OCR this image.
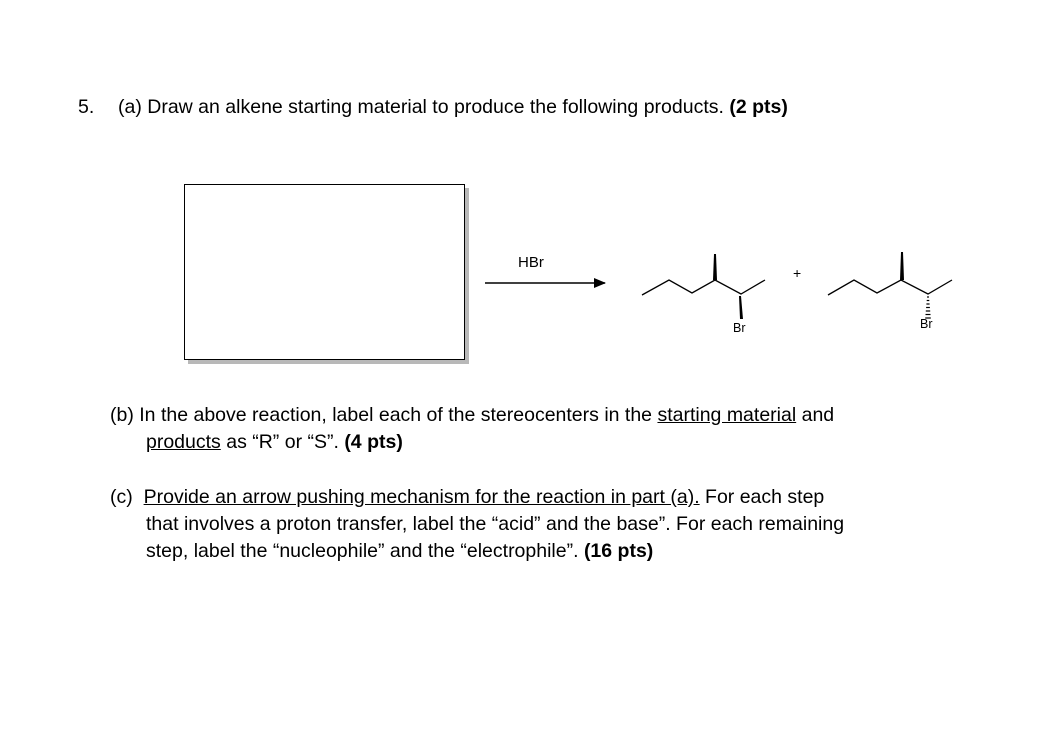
5. (a) Draw an alkene starting material to produce the following products. (2 pts)
HBr
Br
+
Br
(b) In the above reaction, label each of the stereocenters in the starting material and
products as “R” or “S”. (4 pts)
(c) Provide an arrow pushing mechanism for the reaction in part (a). For each step
that involves a proton transfer, label the “acid” and the base”. For each remaining
step, label the “nucleophile” and the “electrophile”. (16 pts)
